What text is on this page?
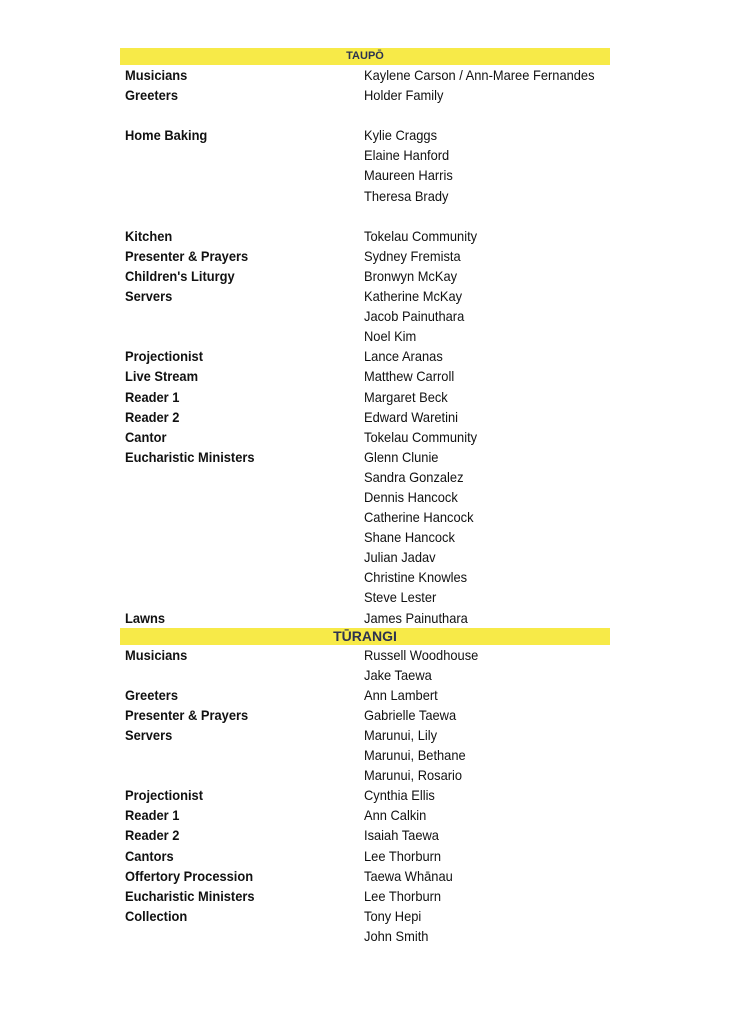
TAUPŌ
Musicians	Kaylene Carson / Ann-Maree Fernandes
Greeters	Holder Family
Home Baking	Kylie Craggs
Elaine Hanford
Maureen Harris
Theresa Brady
Kitchen	Tokelau Community
Presenter & Prayers	Sydney Fremista
Children's Liturgy	Bronwyn McKay
Servers	Katherine McKay
Jacob Painuthara
Noel Kim
Projectionist	Lance Aranas
Live Stream	Matthew Carroll
Reader 1	Margaret Beck
Reader 2	Edward Waretini
Cantor	Tokelau Community
Eucharistic Ministers	Glenn Clunie
Sandra Gonzalez
Dennis Hancock
Catherine Hancock
Shane Hancock
Julian Jadav
Christine Knowles
Steve Lester
Lawns	James Painuthara
TŪRANGI
Musicians	Russell Woodhouse
Jake Taewa
Greeters	Ann Lambert
Presenter & Prayers	Gabrielle Taewa
Servers	Marunui, Lily
Marunui, Bethane
Marunui, Rosario
Projectionist	Cynthia Ellis
Reader 1	Ann Calkin
Reader 2	Isaiah Taewa
Cantors	Lee Thorburn
Offertory Procession	Taewa Whānau
Eucharistic Ministers	Lee Thorburn
Collection	Tony Hepi
John Smith
